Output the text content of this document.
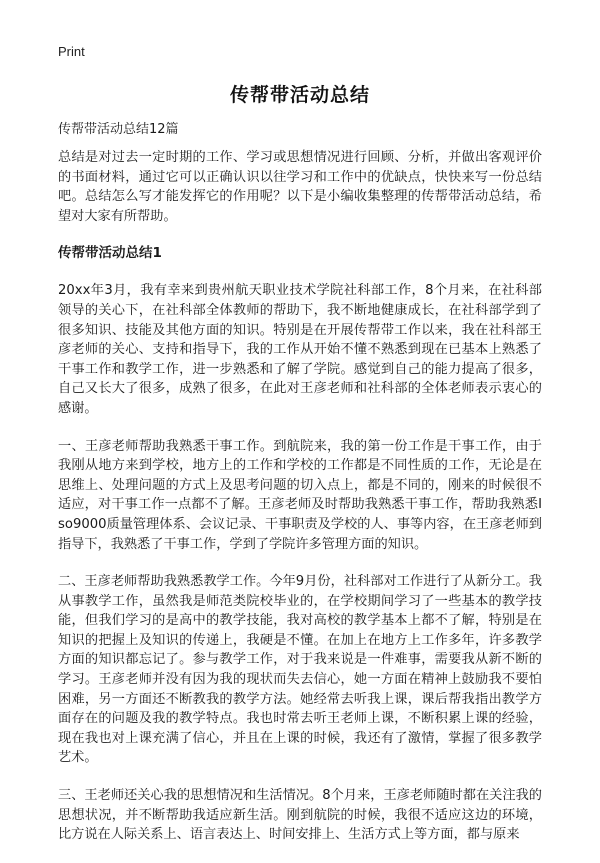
Print
传帮带活动总结
传帮带活动总结12篇

总结是对过去一定时期的工作、学习或思想情况进行回顾、分析，并做出客观评价的书面材料，通过它可以正确认识以往学习和工作中的优缺点，快快来写一份总结吧。总结怎么写才能发挥它的作用呢？以下是小编收集整理的传帮带活动总结，希望对大家有所帮助。

传帮带活动总结1

20xx年3月，我有幸来到贵州航天职业技术学院社科部工作，8个月来，在社科部领导的关心下，在社科部全体教师的帮助下，我不断地健康成长，在社科部学到了很多知识、技能及其他方面的知识。特别是在开展传帮带工作以来，我在社科部王彦老师的关心、支持和指导下，我的工作从开始不懂不熟悉到现在已基本上熟悉了干事工作和教学工作，进一步熟悉和了解了学院。感觉到自己的能力提高了很多，自己又长大了很多，成熟了很多，在此对王彦老师和社科部的全体老师表示衷心的感谢。

一、王彦老师帮助我熟悉干事工作。到航院来，我的第一份工作是干事工作，由于我刚从地方来到学校，地方上的工作和学校的工作都是不同性质的工作，无论是在思维上、处理问题的方式上及思考问题的切入点上，都是不同的，刚来的时候很不适应，对干事工作一点都不了解。王彦老师及时帮助我熟悉干事工作，帮助我熟悉Iso9000质量管理体系、会议记录、干事职责及学校的人、事等内容，在王彦老师到指导下，我熟悉了干事工作，学到了学院许多管理方面的知识。

二、王彦老师帮助我熟悉教学工作。今年9月份，社科部对工作进行了从新分工。我从事教学工作，虽然我是师范类院校毕业的，在学校期间学习了一些基本的教学技能，但我们学习的是高中的教学技能，我对高校的教学基本上都不了解，特别是在知识的把握上及知识的传递上，我硬是不懂。在加上在地方上工作多年，许多教学方面的知识都忘记了。参与教学工作，对于我来说是一件难事，需要我从新不断的学习。王彦老师并没有因为我的现状而失去信心，她一方面在精神上鼓励我不要怕困难，另一方面还不断教我的教学方法。她经常去听我上课，课后帮我指出教学方面存在的问题及我的教学特点。我也时常去听王老师上课，不断积累上课的经验，现在我也对上课充满了信心，并且在上课的时候，我还有了激情，掌握了很多教学艺术。

三、王老师还关心我的思想情况和生活情况。8个月来，王彦老师随时都在关注我的思想状况，并不断帮助我适应新生活。刚到航院的时候，我很不适应这边的环境，比方说在人际关系上、语言表达上、时间安排上、生活方式上等方面，都与原来
